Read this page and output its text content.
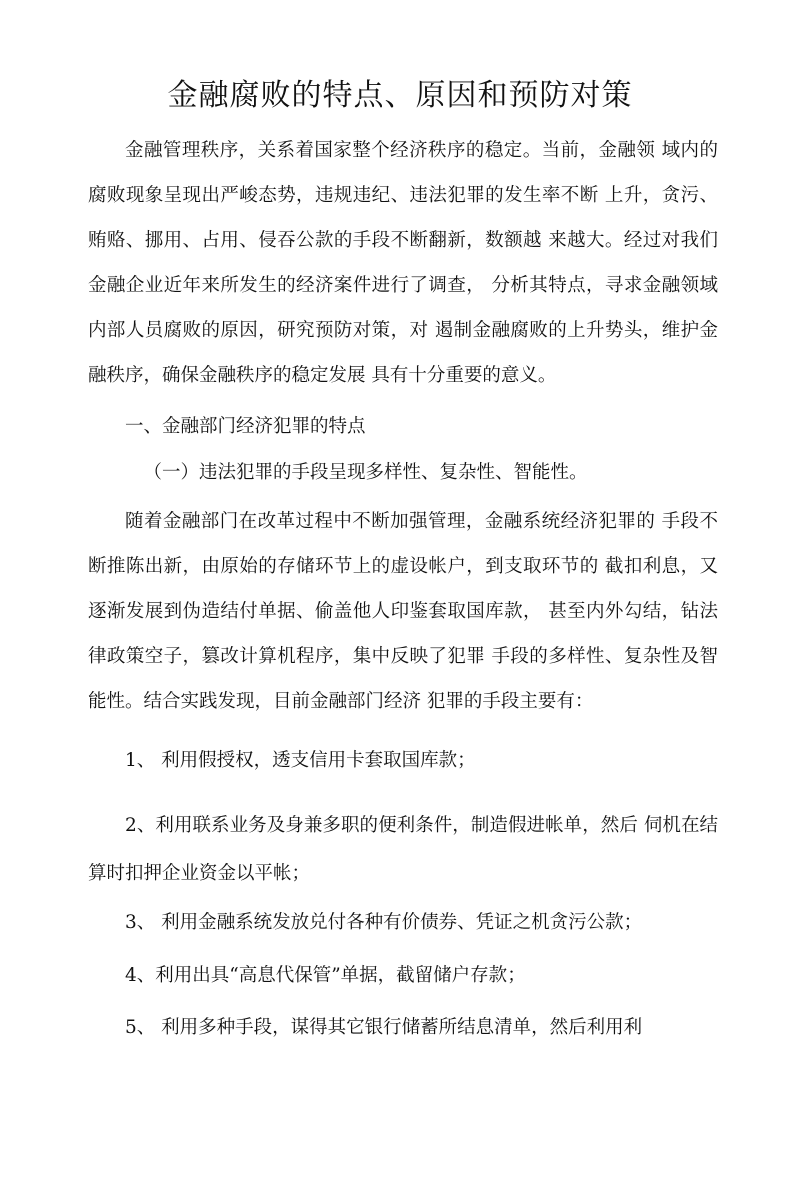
金融腐败的特点、原因和预防对策

金融管理秩序，关系着国家整个经济秩序的稳定。当前，金融领 域内的腐败现象呈现出严峻态势，违规违纪、违法犯罪的发生率不断 上升，贪污、贿赂、挪用、占用、侵吞公款的手段不断翻新，数额越 来越大。经过对我们金融企业近年来所发生的经济案件进行了调查， 分析其特点，寻求金融领域内部人员腐败的原因，研究预防对策，对 遏制金融腐败的上升势头，维护金融秩序，确保金融秩序的稳定发展 具有十分重要的意义。

一、金融部门经济犯罪的特点

（一）违法犯罪的手段呈现多样性、复杂性、智能性。

随着金融部门在改革过程中不断加强管理，金融系统经济犯罪的 手段不断推陈出新，由原始的存储环节上的虚设帐户，到支取环节的 截扣利息，又逐渐发展到伪造结付单据、偷盖他人印鉴套取国库款， 甚至内外勾结，钻法律政策空子，篡改计算机程序，集中反映了犯罪 手段的多样性、复杂性及智能性。结合实践发现，目前金融部门经济 犯罪的手段主要有：

1、 利用假授权，透支信用卡套取国库款；

2、利用联系业务及身兼多职的便利条件，制造假进帐单，然后 伺机在结算时扣押企业资金以平帐；

3、 利用金融系统发放兑付各种有价债券、凭证之机贪污公款；

4、利用出具“高息代保管”单据，截留储户存款；

5、 利用多种手段，谋得其它银行储蓄所结息清单，然后利用利
